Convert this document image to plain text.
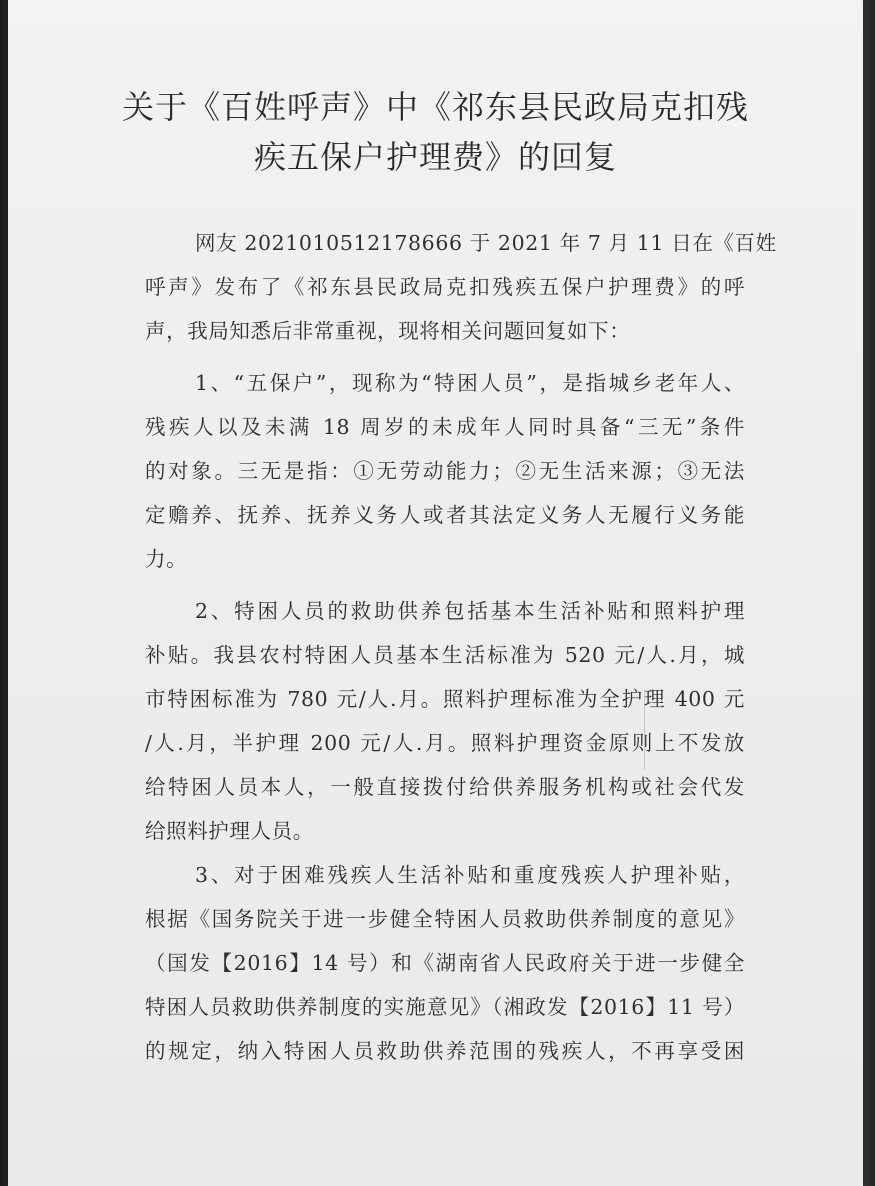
关于《百姓呼声》中《祁东县民政局克扣残
疾五保户护理费》的回复
网友 2021010512178666 于 2021 年 7 月 11 日在《百姓
呼声》发布了《祁东县民政局克扣残疾五保户护理费》的呼
声，我局知悉后非常重视，现将相关问题回复如下：
1、“五保户”，现称为“特困人员”，是指城乡老年人、
残疾人以及未满 18 周岁的未成年人同时具备“三无”条件
的对象。三无是指：①无劳动能力；②无生活来源；③无法
定赡养、抚养、抚养义务人或者其法定义务人无履行义务能
力。
2、特困人员的救助供养包括基本生活补贴和照料护理
补贴。我县农村特困人员基本生活标准为 520 元/人.月，城
市特困标准为 780 元/人.月。照料护理标准为全护理 400 元
/人.月，半护理 200 元/人.月。照料护理资金原则上不发放
给特困人员本人，一般直接拨付给供养服务机构或社会代发
给照料护理人员。
3、对于困难残疾人生活补贴和重度残疾人护理补贴，
根据《国务院关于进一步健全特困人员救助供养制度的意见》
（国发【2016】14 号）和《湖南省人民政府关于进一步健全
特困人员救助供养制度的实施意见》（湘政发【2016】11 号）
的规定，纳入特困人员救助供养范围的残疾人，不再享受困
